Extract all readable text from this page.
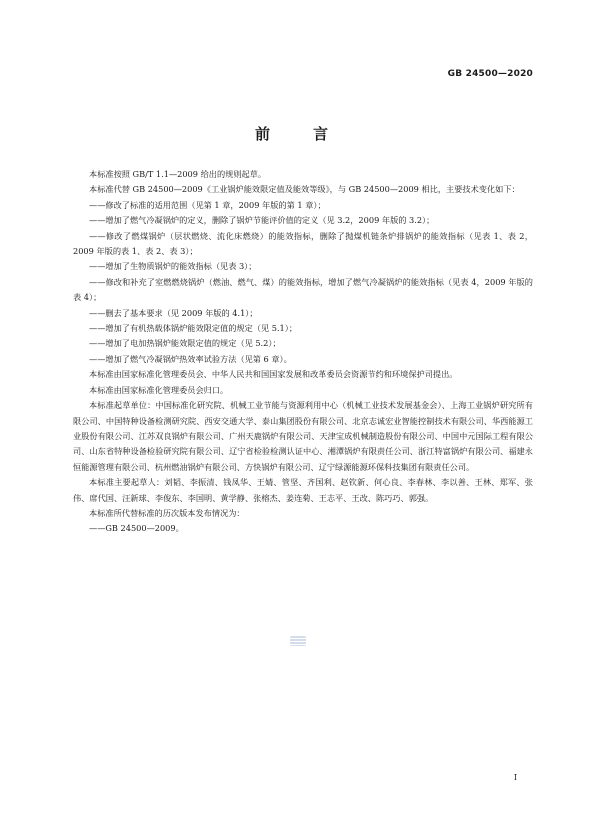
GB 24500—2020
前　言

本标准按照 GB/T 1.1—2009 给出的规则起草。

本标准代替 GB 24500—2009《工业锅炉能效限定值及能效等级》，与 GB 24500—2009 相比，主要技术变化如下：

——修改了标准的适用范围（见第 1 章，2009 年版的第 1 章）；
——增加了燃气冷凝锅炉的定义，删除了锅炉节能评价值的定义（见 3.2，2009 年版的 3.2）；
——修改了燃煤锅炉（层状燃烧、流化床燃烧）的能效指标，删除了抛煤机链条炉排锅炉的能效指标（见表 1、表 2，2009 年版的表 1、表 2、表 3）；
——增加了生物质锅炉的能效指标（见表 3）；
——修改和补充了室燃燃烧锅炉（燃油、燃气、煤）的能效指标，增加了燃气冷凝锅炉的能效指标（见表 4，2009 年版的表 4）；
——删去了基本要求（见 2009 年版的 4.1）；
——增加了有机热载体锅炉能效限定值的规定（见 5.1）；
——增加了电加热锅炉能效限定值的规定（见 5.2）；
——增加了燃气冷凝锅炉热效率试验方法（见第 6 章）。

本标准由国家标准化管理委员会、中华人民共和国国家发展和改革委员会资源节约和环境保护司提出。

本标准由国家标准化管理委员会归口。

本标准起草单位：中国标准化研究院、机械工业节能与资源利用中心（机械工业技术发展基金会）、上海工业锅炉研究所有限公司、中国特种设备检测研究院、西安交通大学、泰山集团股份有限公司、北京志诚宏业智能控制技术有限公司、华西能源工业股份有限公司、江苏双良锅炉有限公司、广州天鹿锅炉有限公司、天津宝成机械制造股份有限公司、中国中元国际工程有限公司、山东省特种设备检验研究院有限公司、辽宁省检验检测认证中心、湘潭锅炉有限责任公司、浙江特富锅炉有限公司、福建永恒能源管理有限公司、杭州燃油锅炉有限公司、方快锅炉有限公司、辽宁绿源能源环保科技集团有限责任公司。

本标准主要起草人：刘韬、李振清、钱凤华、王婧、管坚、齐国利、赵钦新、何心良、李春林、李以善、王林、郑军、张伟、席代国、汪新球、李俊东、李国明、黄学静、张榕杰、姜连菊、王志平、王改、陈巧巧、郭强。

本标准所代替标准的历次版本发布情况为：

——GB 24500—2009。
I
